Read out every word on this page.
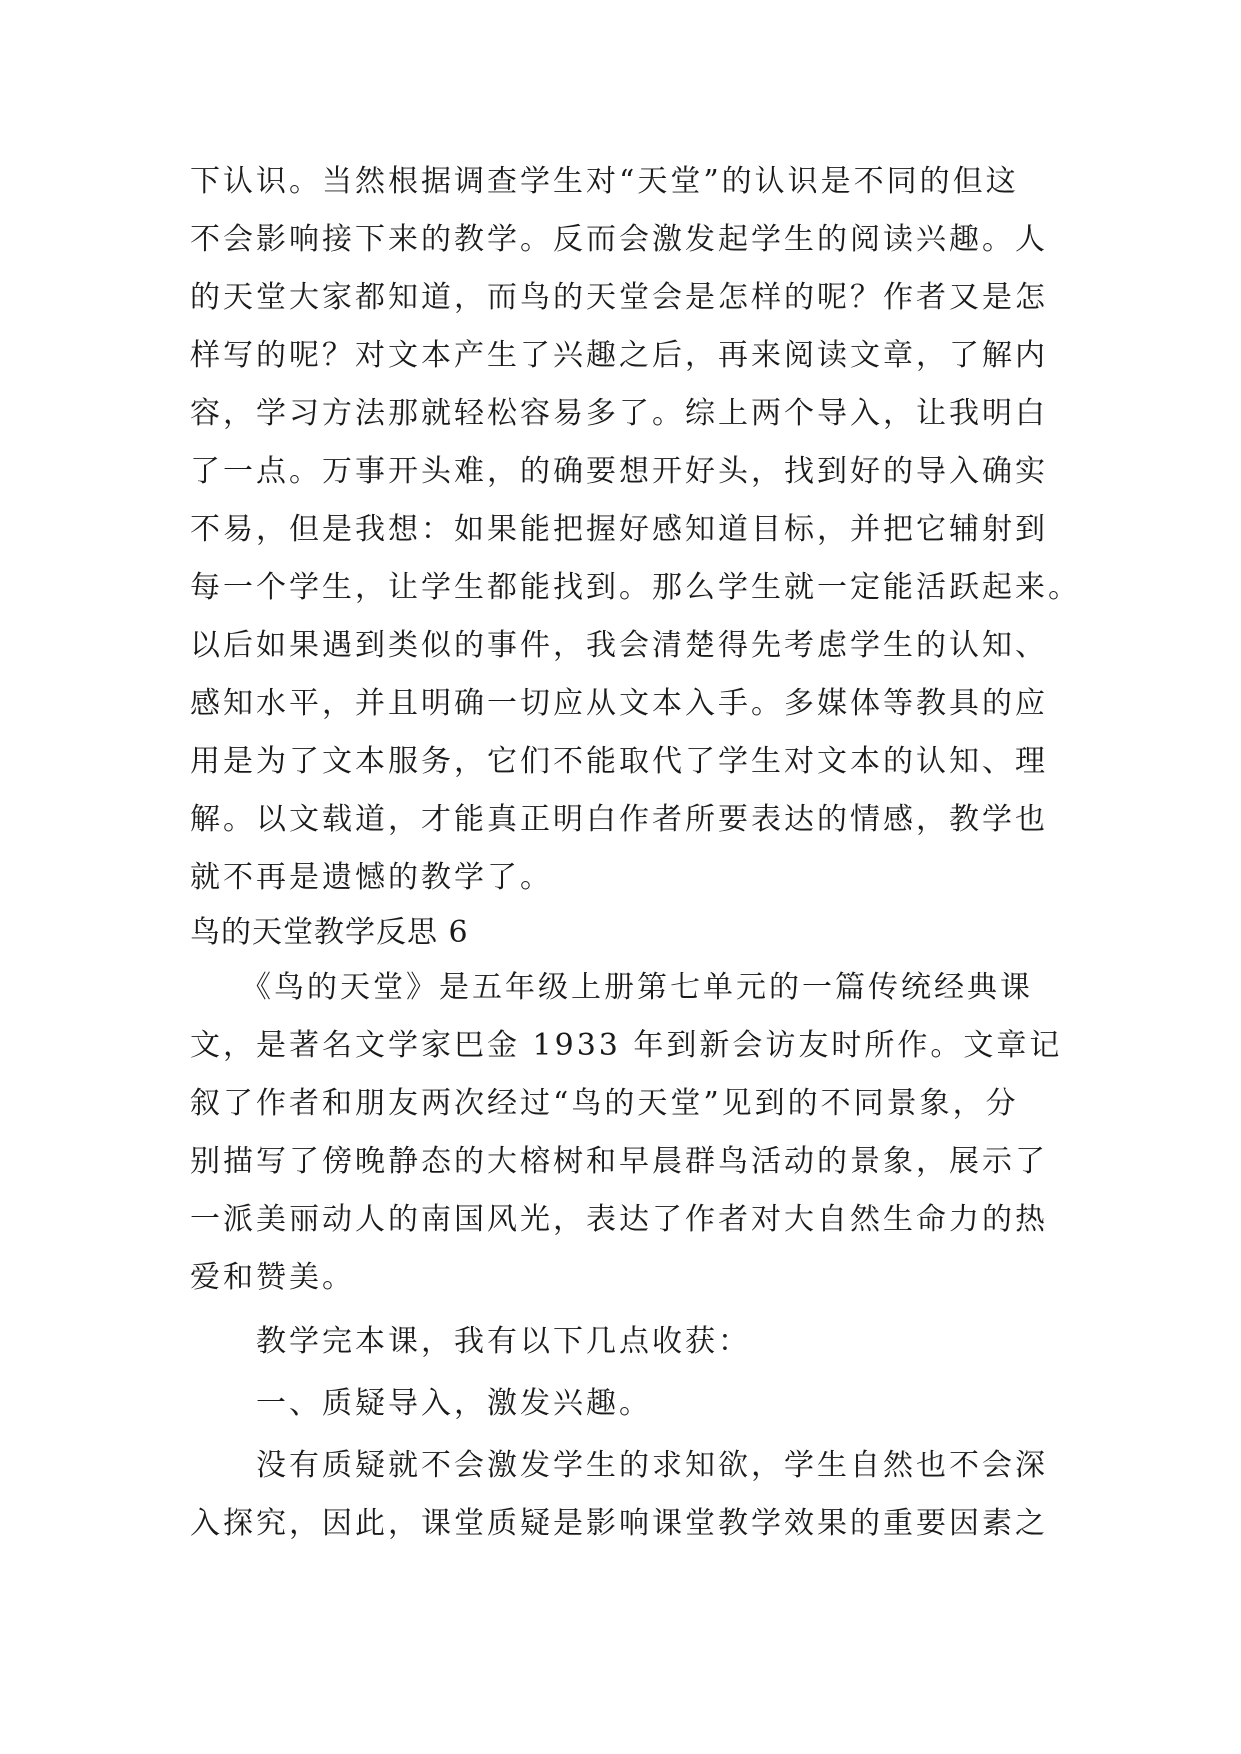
下认识。当然根据调查学生对“天堂”的认识是不同的但这
不会影响接下来的教学。反而会激发起学生的阅读兴趣。人
的天堂大家都知道，而鸟的天堂会是怎样的呢？作者又是怎
样写的呢？对文本产生了兴趣之后，再来阅读文章，了解内
容，学习方法那就轻松容易多了。综上两个导入，让我明白
了一点。万事开头难，的确要想开好头，找到好的导入确实
不易，但是我想：如果能把握好感知道目标，并把它辅射到
每一个学生，让学生都能找到。那么学生就一定能活跃起来。
以后如果遇到类似的事件，我会清楚得先考虑学生的认知、
感知水平，并且明确一切应从文本入手。多媒体等教具的应
用是为了文本服务，它们不能取代了学生对文本的认知、理
解。以文载道，才能真正明白作者所要表达的情感，教学也
就不再是遗憾的教学了。
鸟的天堂教学反思 6
　　《鸟的天堂》是五年级上册第七单元的一篇传统经典课
文，是著名文学家巴金 1933 年到新会访友时所作。文章记
叙了作者和朋友两次经过“鸟的天堂”见到的不同景象，分
别描写了傍晚静态的大榕树和早晨群鸟活动的景象，展示了
一派美丽动人的南国风光，表达了作者对大自然生命力的热
爱和赞美。
　　教学完本课，我有以下几点收获：
　　一、质疑导入，激发兴趣。
　　没有质疑就不会激发学生的求知欲，学生自然也不会深
入探究，因此，课堂质疑是影响课堂教学效果的重要因素之
